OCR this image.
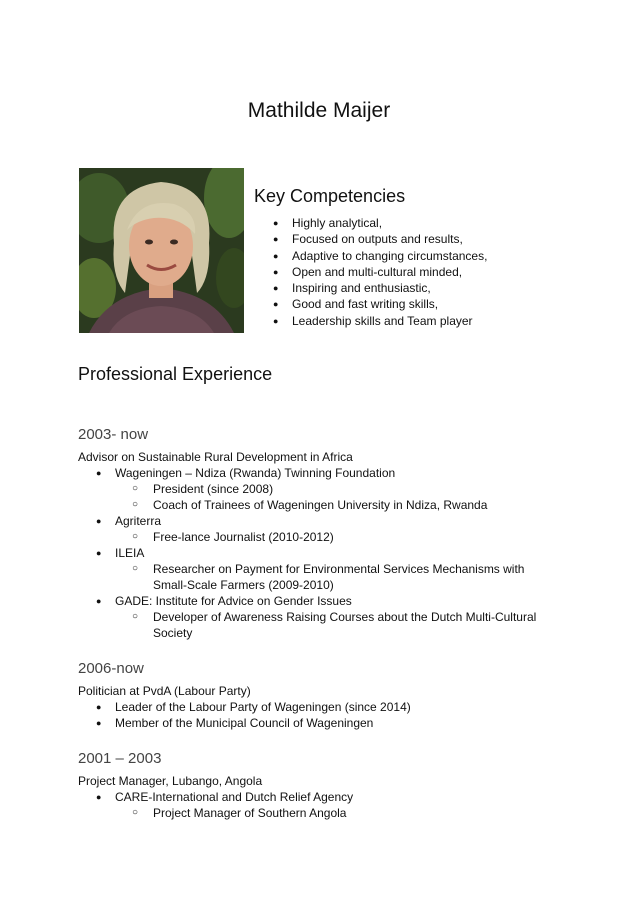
Mathilde Maijer
Key Competencies
● Highly analytical,
● Focused on outputs and results,
● Adaptive to changing circumstances,
● Open and multi-cultural minded,
● Inspiring and enthusiastic,
● Good and fast writing skills,
● Leadership skills and Team player
Professional Experience
2003- now
Advisor on Sustainable Rural Development in Africa
● Wageningen – Ndiza (Rwanda) Twinning Foundation
○ President (since 2008)
○ Coach of Trainees of Wageningen University in Ndiza, Rwanda
● Agriterra
○ Free-lance Journalist (2010-2012)
● ILEIA
○ Researcher on Payment for Environmental Services Mechanisms with Small-Scale Farmers (2009-2010)
● GADE: Institute for Advice on Gender Issues
○ Developer of Awareness Raising Courses about the Dutch Multi-Cultural Society
2006-now
Politician at PvdA (Labour Party)
● Leader of the Labour Party of Wageningen (since 2014)
● Member of the Municipal Council of Wageningen
2001 – 2003
Project Manager, Lubango, Angola
● CARE-International and Dutch Relief Agency
○ Project Manager of Southern Angola
